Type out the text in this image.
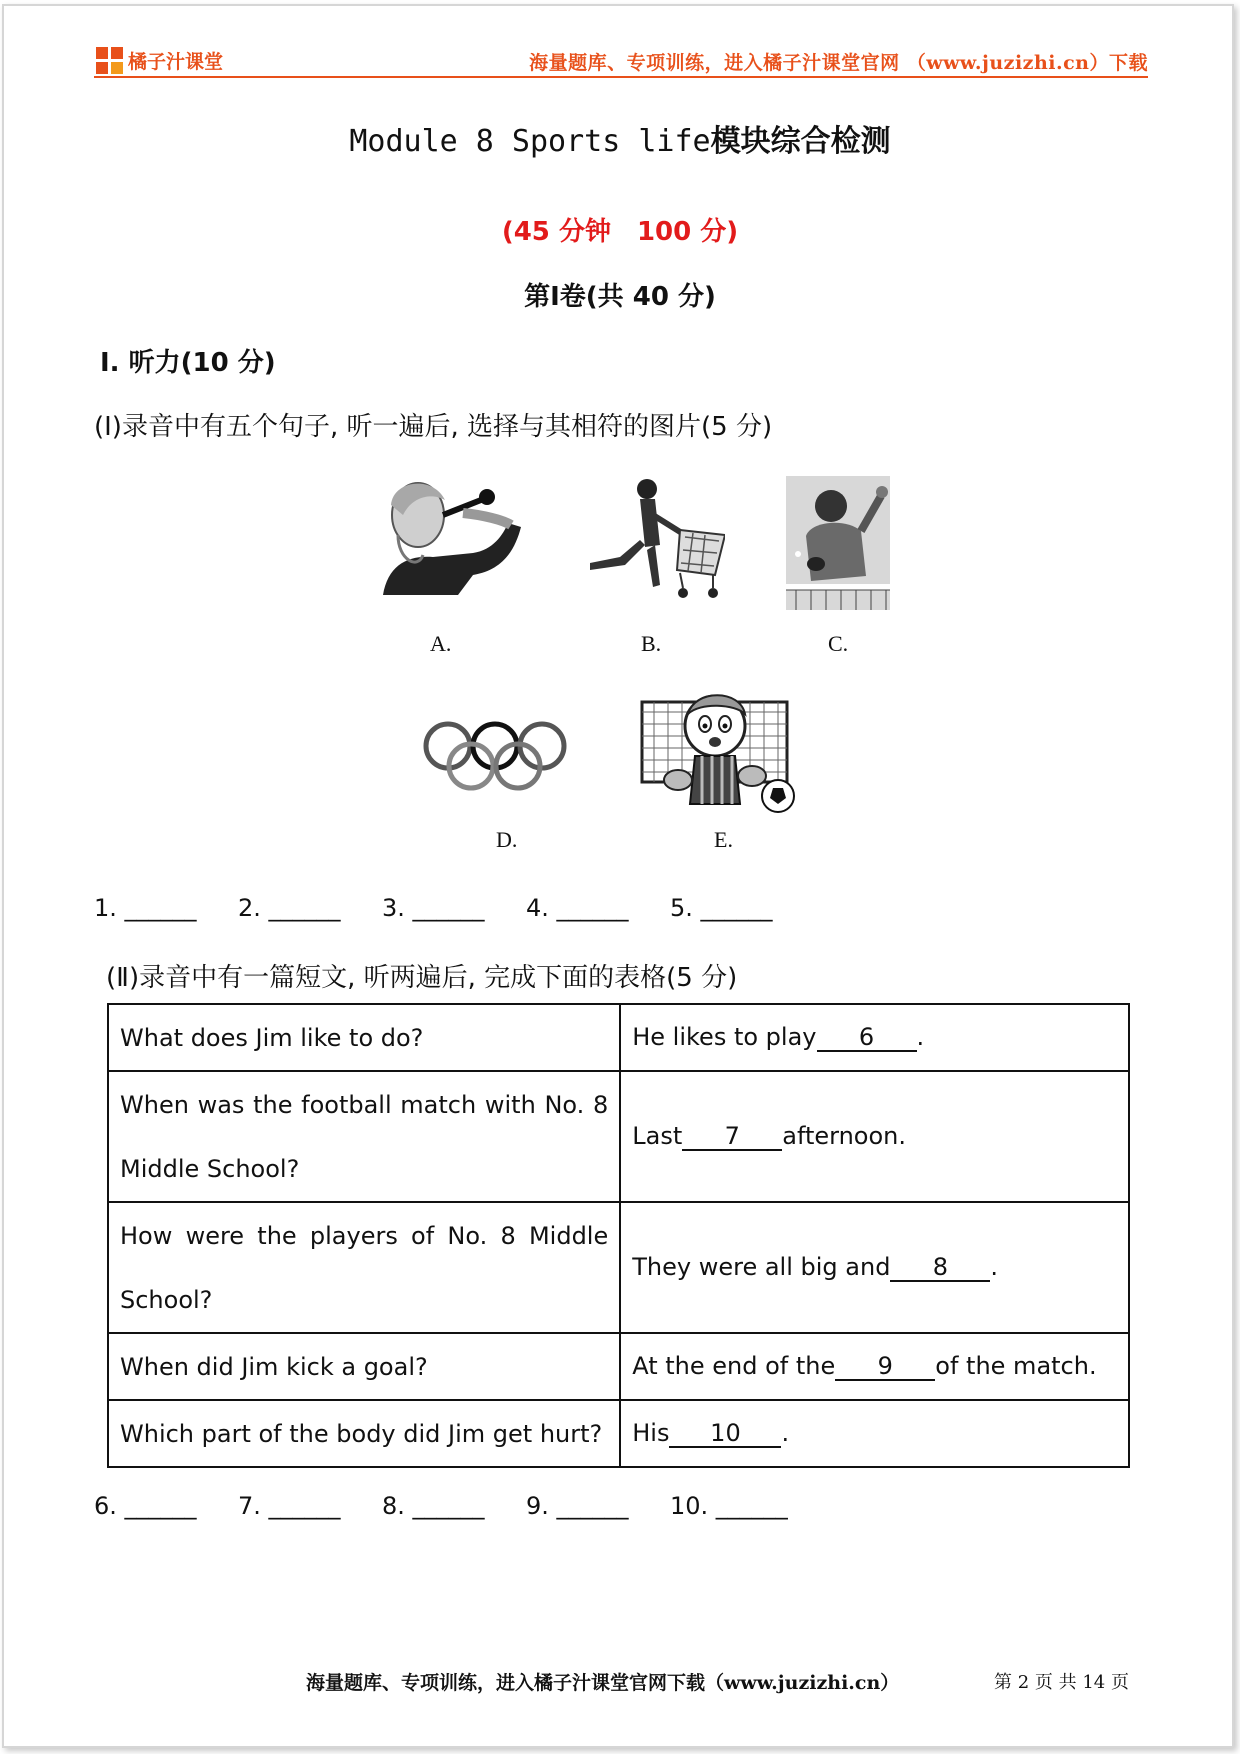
橘子汁课堂	海量题库、专项训练，进入橘子汁课堂官网 （www.juzizhi.cn）下载
Module 8 Sports life模块综合检测
(45 分钟　100 分)
第Ⅰ卷(共 40 分)
Ⅰ. 听力(10 分)
(Ⅰ)录音中有五个句子, 听一遍后, 选择与其相符的图片(5 分)
A.	B.	C.
D.	E.
1. ______	2. ______	3. ______	4. ______	5. ______
(Ⅱ)录音中有一篇短文, 听两遍后, 完成下面的表格(5 分)
What does Jim like to do?	He likes to play 6 .
When was the football match with No. 8 Middle School?	Last 7 afternoon.
How were the players of No. 8 Middle School?	They were all big and 8 .
When did Jim kick a goal?	At the end of the 9 of the match.
Which part of the body did Jim get hurt?	His 10 .
6. ______	7. ______	8. ______	9. ______	10. ______
海量题库、专项训练，进入橘子汁课堂官网下载（www.juzizhi.cn）	第 2 页 共 14 页
